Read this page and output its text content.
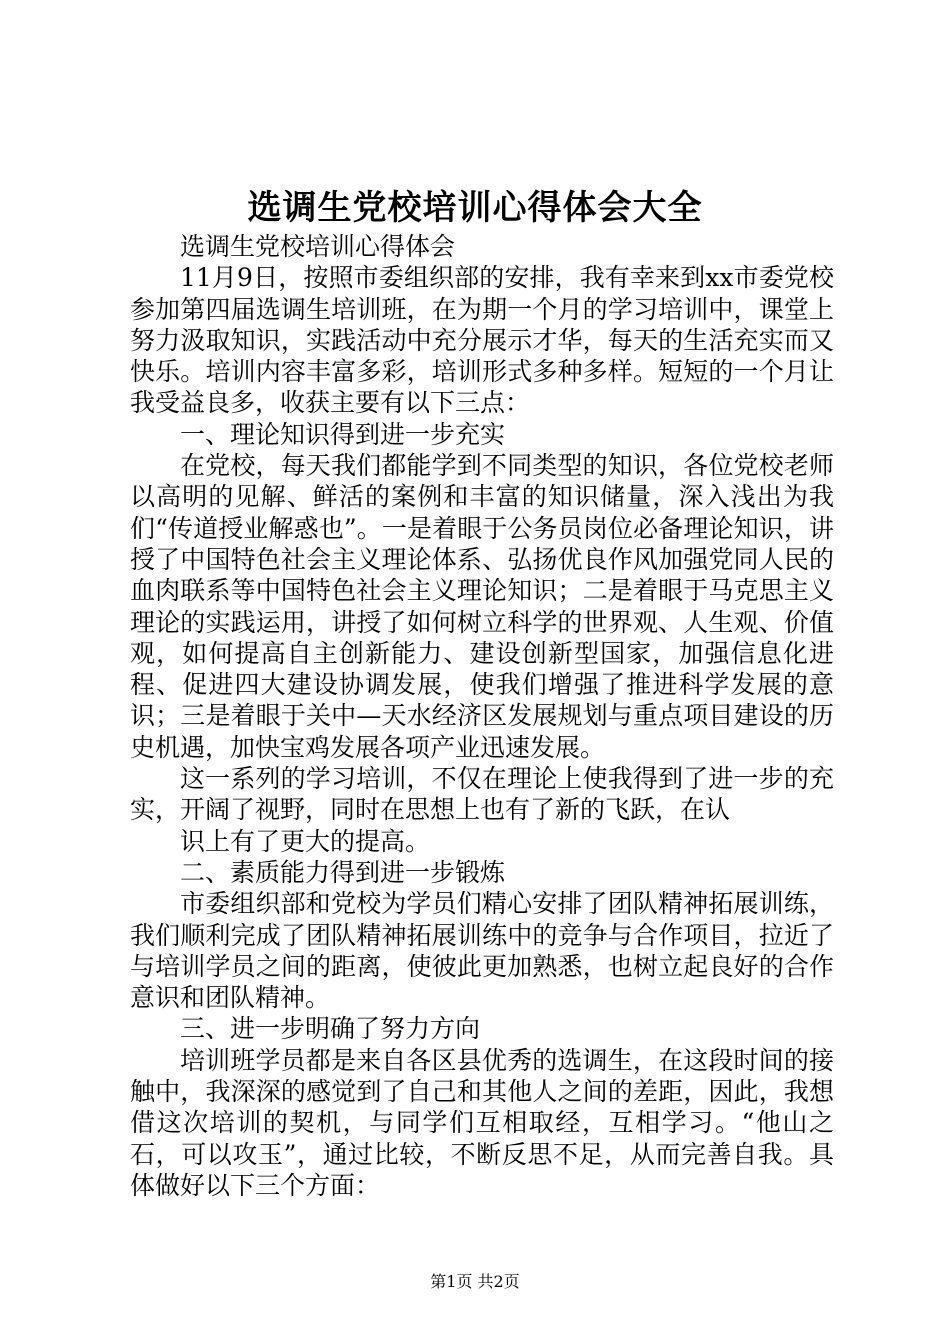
选调生党校培训心得体会大全

选调生党校培训心得体会

11月9日，按照市委组织部的安排，我有幸来到xx市委党校参加第四届选调生培训班，在为期一个月的学习培训中，课堂上努力汲取知识，实践活动中充分展示才华，每天的生活充实而又快乐。培训内容丰富多彩，培训形式多种多样。短短的一个月让我受益良多，收获主要有以下三点：

一、理论知识得到进一步充实

在党校，每天我们都能学到不同类型的知识，各位党校老师以高明的见解、鲜活的案例和丰富的知识储量，深入浅出为我们“传道授业解惑也”。一是着眼于公务员岗位必备理论知识，讲授了中国特色社会主义理论体系、弘扬优良作风加强党同人民的血肉联系等中国特色社会主义理论知识；二是着眼于马克思主义理论的实践运用，讲授了如何树立科学的世界观、人生观、价值观，如何提高自主创新能力、建设创新型国家，加强信息化进程、促进四大建设协调发展，使我们增强了推进科学发展的意识；三是着眼于关中—天水经济区发展规划与重点项目建设的历史机遇，加快宝鸡发展各项产业迅速发展。

这一系列的学习培训，不仅在理论上使我得到了进一步的充实，开阔了视野，同时在思想上也有了新的飞跃，在认

识上有了更大的提高。

二、素质能力得到进一步锻炼

市委组织部和党校为学员们精心安排了团队精神拓展训练，我们顺利完成了团队精神拓展训练中的竞争与合作项目，拉近了与培训学员之间的距离，使彼此更加熟悉，也树立起良好的合作意识和团队精神。

三、进一步明确了努力方向

培训班学员都是来自各区县优秀的选调生，在这段时间的接触中，我深深的感觉到了自己和其他人之间的差距，因此，我想借这次培训的契机，与同学们互相取经，互相学习。“他山之石，可以攻玉”，通过比较，不断反思不足，从而完善自我。具体做好以下三个方面：

第1页 共2页
